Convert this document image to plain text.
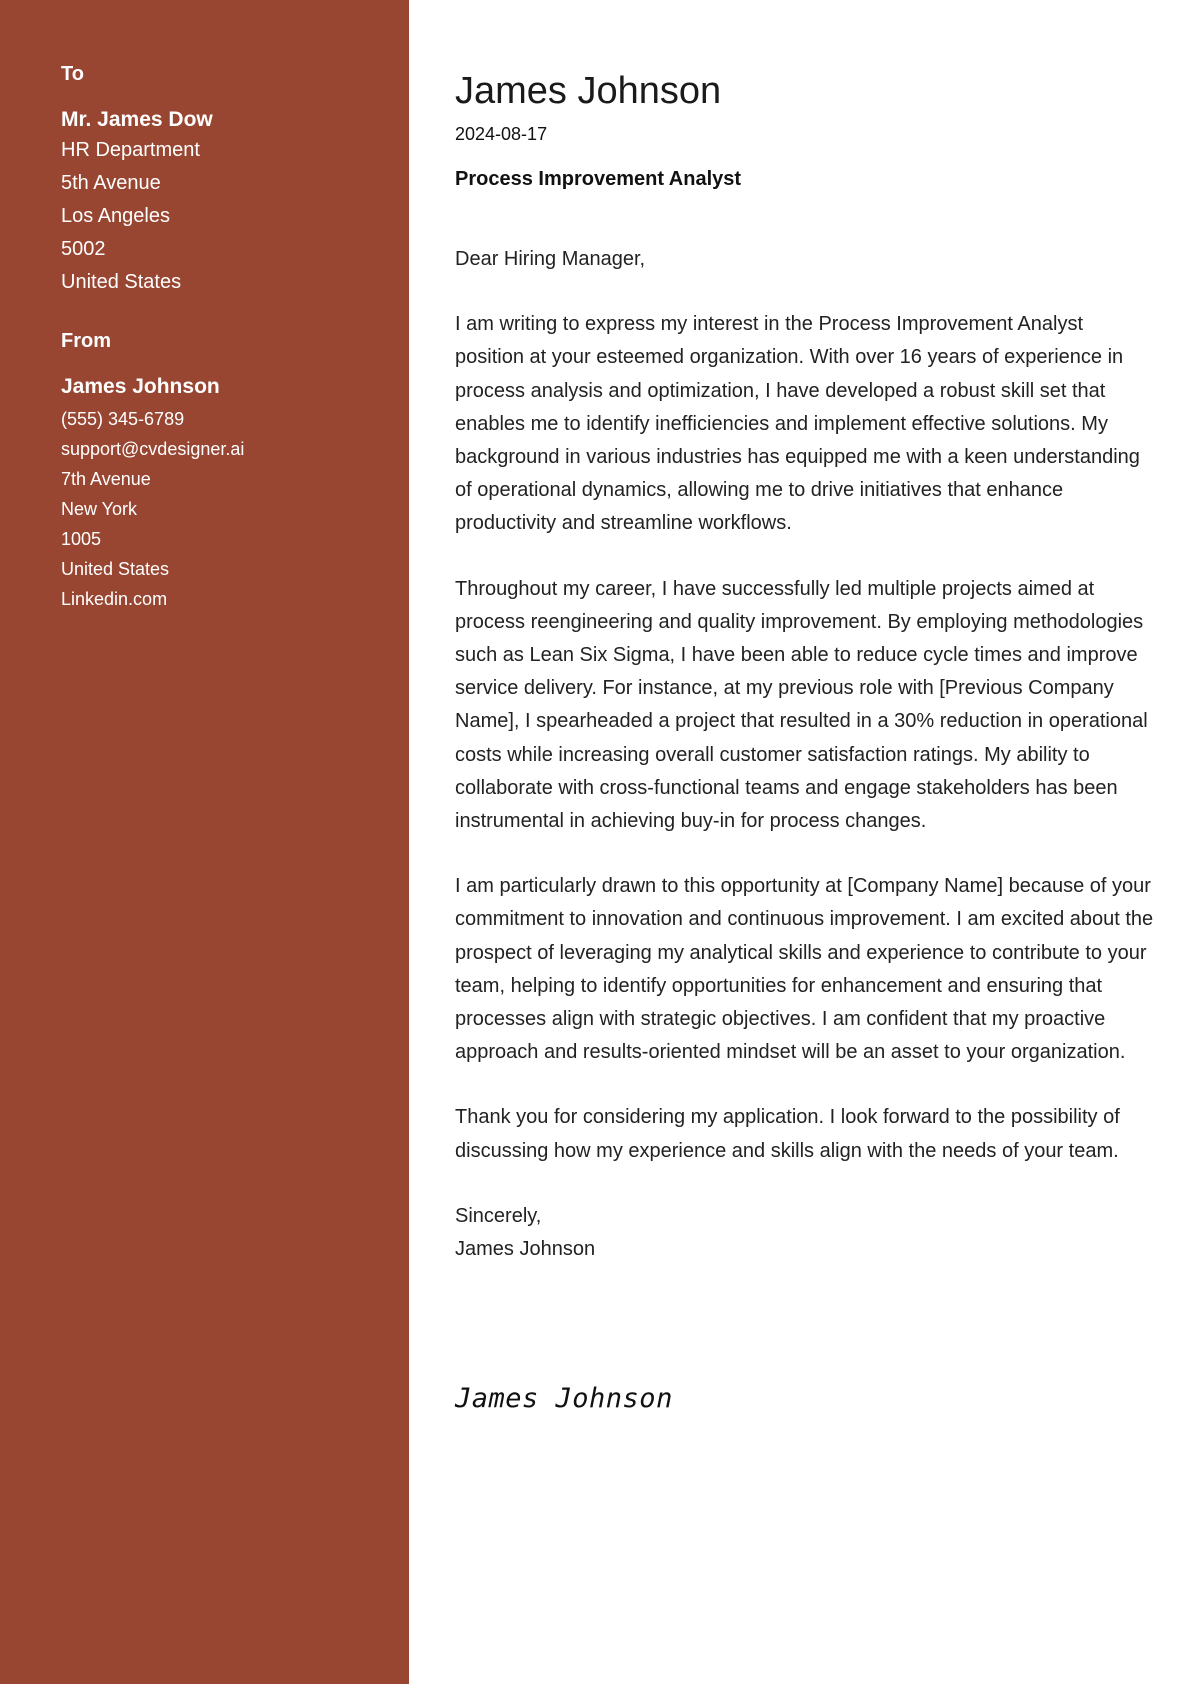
To
Mr. James Dow
HR Department
5th Avenue
Los Angeles
5002
United States
From
James Johnson
(555) 345-6789
support@cvdesigner.ai
7th Avenue
New York
1005
United States
Linkedin.com
James Johnson
2024-08-17
Process Improvement Analyst

Dear Hiring Manager,

I am writing to express my interest in the Process Improvement Analyst position at your esteemed organization. With over 16 years of experience in process analysis and optimization, I have developed a robust skill set that enables me to identify inefficiencies and implement effective solutions. My background in various industries has equipped me with a keen understanding of operational dynamics, allowing me to drive initiatives that enhance productivity and streamline workflows.

Throughout my career, I have successfully led multiple projects aimed at process reengineering and quality improvement. By employing methodologies such as Lean Six Sigma, I have been able to reduce cycle times and improve service delivery. For instance, at my previous role with [Previous Company Name], I spearheaded a project that resulted in a 30% reduction in operational costs while increasing overall customer satisfaction ratings. My ability to collaborate with cross-functional teams and engage stakeholders has been instrumental in achieving buy-in for process changes.

I am particularly drawn to this opportunity at [Company Name] because of your commitment to innovation and continuous improvement. I am excited about the prospect of leveraging my analytical skills and experience to contribute to your team, helping to identify opportunities for enhancement and ensuring that processes align with strategic objectives. I am confident that my proactive approach and results-oriented mindset will be an asset to your organization.

Thank you for considering my application. I look forward to the possibility of discussing how my experience and skills align with the needs of your team.

Sincerely,
James Johnson
James Johnson
